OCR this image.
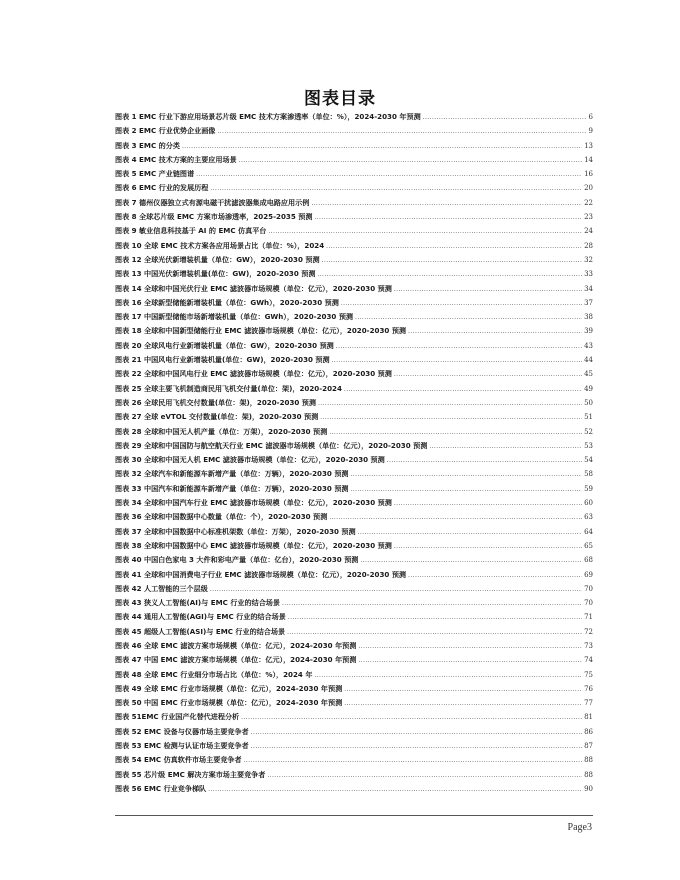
图表目录
图表 1 EMC 行业下游应用场景芯片级 EMC 技术方案渗透率（单位：%），2024-2030 年预测 .....	6
图表 2 EMC 行业优势企业画像 .....	9
图表 3 EMC 的分类 .....	13
图表 4 EMC 技术方案的主要应用场景 .....	14
图表 5 EMC 产业链图谱 .....	16
图表 6 EMC 行业的发展历程 .....	20
图表 7 德州仪器独立式有源电磁干扰滤波器集成电路应用示例 .....	22
图表 8 全球芯片级 EMC 方案市场渗透率，2025-2035 预测 .....	23
图表 9 敏业信息科技基于 AI 的 EMC 仿真平台 .....	24
图表 10 全球 EMC 技术方案各应用场景占比（单位：%），2024 .....	28
图表 12 全球光伏新增装机量（单位：GW），2020-2030 预测 .....	32
图表 13 中国光伏新增装机量(单位：GW)，2020-2030 预测 .....	33
图表 14 全球和中国光伏行业 EMC 滤波器市场规模（单位：亿元），2020-2030 预测 .....	34
图表 16 全球新型储能新增装机量（单位：GWh），2020-2030 预测 .....	37
图表 17 中国新型储能市场新增装机量（单位：GWh），2020-2030 预测 .....	38
图表 18 全球和中国新型储能行业 EMC 滤波器市场规模（单位：亿元），2020-2030 预测 .....	39
图表 20 全球风电行业新增装机量（单位：GW），2020-2030 预测 .....	43
图表 21 中国风电行业新增装机量(单位：GW)，2020-2030 预测 .....	44
图表 22 全球和中国风电行业 EMC 滤波器市场规模（单位：亿元），2020-2030 预测 .....	45
图表 25 全球主要飞机制造商民用飞机交付量(单位：架)，2020-2024 .....	49
图表 26 全球民用飞机交付数量(单位：架)，2020-2030 预测 .....	50
图表 27 全球 eVTOL 交付数量(单位：架)，2020-2030 预测 .....	51
图表 28 全球和中国无人机产量（单位：万架），2020-2030 预测 .....	52
图表 29 全球和中国国防与航空航天行业 EMC 滤波器市场规模（单位：亿元），2020-2030 预测 .....	53
图表 30 全球和中国无人机 EMC 滤波器市场规模（单位：亿元），2020-2030 预测 .....	54
图表 32 全球汽车和新能源车新增产量（单位：万辆），2020-2030 预测 .....	58
图表 33 中国汽车和新能源车新增产量（单位：万辆），2020-2030 预测 .....	59
图表 34 全球和中国汽车行业 EMC 滤波器市场规模（单位：亿元），2020-2030 预测 .....	60
图表 36 全球和中国数据中心数量（单位：个），2020-2030 预测 .....	63
图表 37 全球和中国数据中心标准机架数（单位：万架），2020-2030 预测 .....	64
图表 38 全球和中国数据中心 EMC 滤波器市场规模（单位：亿元），2020-2030 预测 .....	65
图表 40 中国白色家电 3 大件和彩电产量（单位：亿台），2020-2030 预测 .....	68
图表 41 全球和中国消费电子行业 EMC 滤波器市场规模（单位：亿元），2020-2030 预测 .....	69
图表 42 人工智能的三个层级 .....	70
图表 43 狭义人工智能(AI)与 EMC 行业的结合场景 .....	70
图表 44 通用人工智能(AGI)与 EMC 行业的结合场景 .....	71
图表 45 超级人工智能(ASI)与 EMC 行业的结合场景 .....	72
图表 46 全球 EMC 滤波方案市场规模（单位：亿元），2024-2030 年预测 .....	73
图表 47 中国 EMC 滤波方案市场规模（单位：亿元），2024-2030 年预测 .....	74
图表 48 全球 EMC 行业细分市场占比（单位：%），2024 年 .....	75
图表 49 全球 EMC 行业市场规模（单位：亿元），2024-2030 年预测 .....	76
图表 50 中国 EMC 行业市场规模（单位：亿元），2024-2030 年预测 .....	77
图表 51EMC 行业国产化替代进程分析 .....	81
图表 52 EMC 设备与仪器市场主要竞争者 .....	86
图表 53 EMC 检测与认证市场主要竞争者 .....	87
图表 54 EMC 仿真软件市场主要竞争者 .....	88
图表 55 芯片级 EMC 解决方案市场主要竞争者 .....	88
图表 56 EMC 行业竞争梯队 .....	90
Page3
